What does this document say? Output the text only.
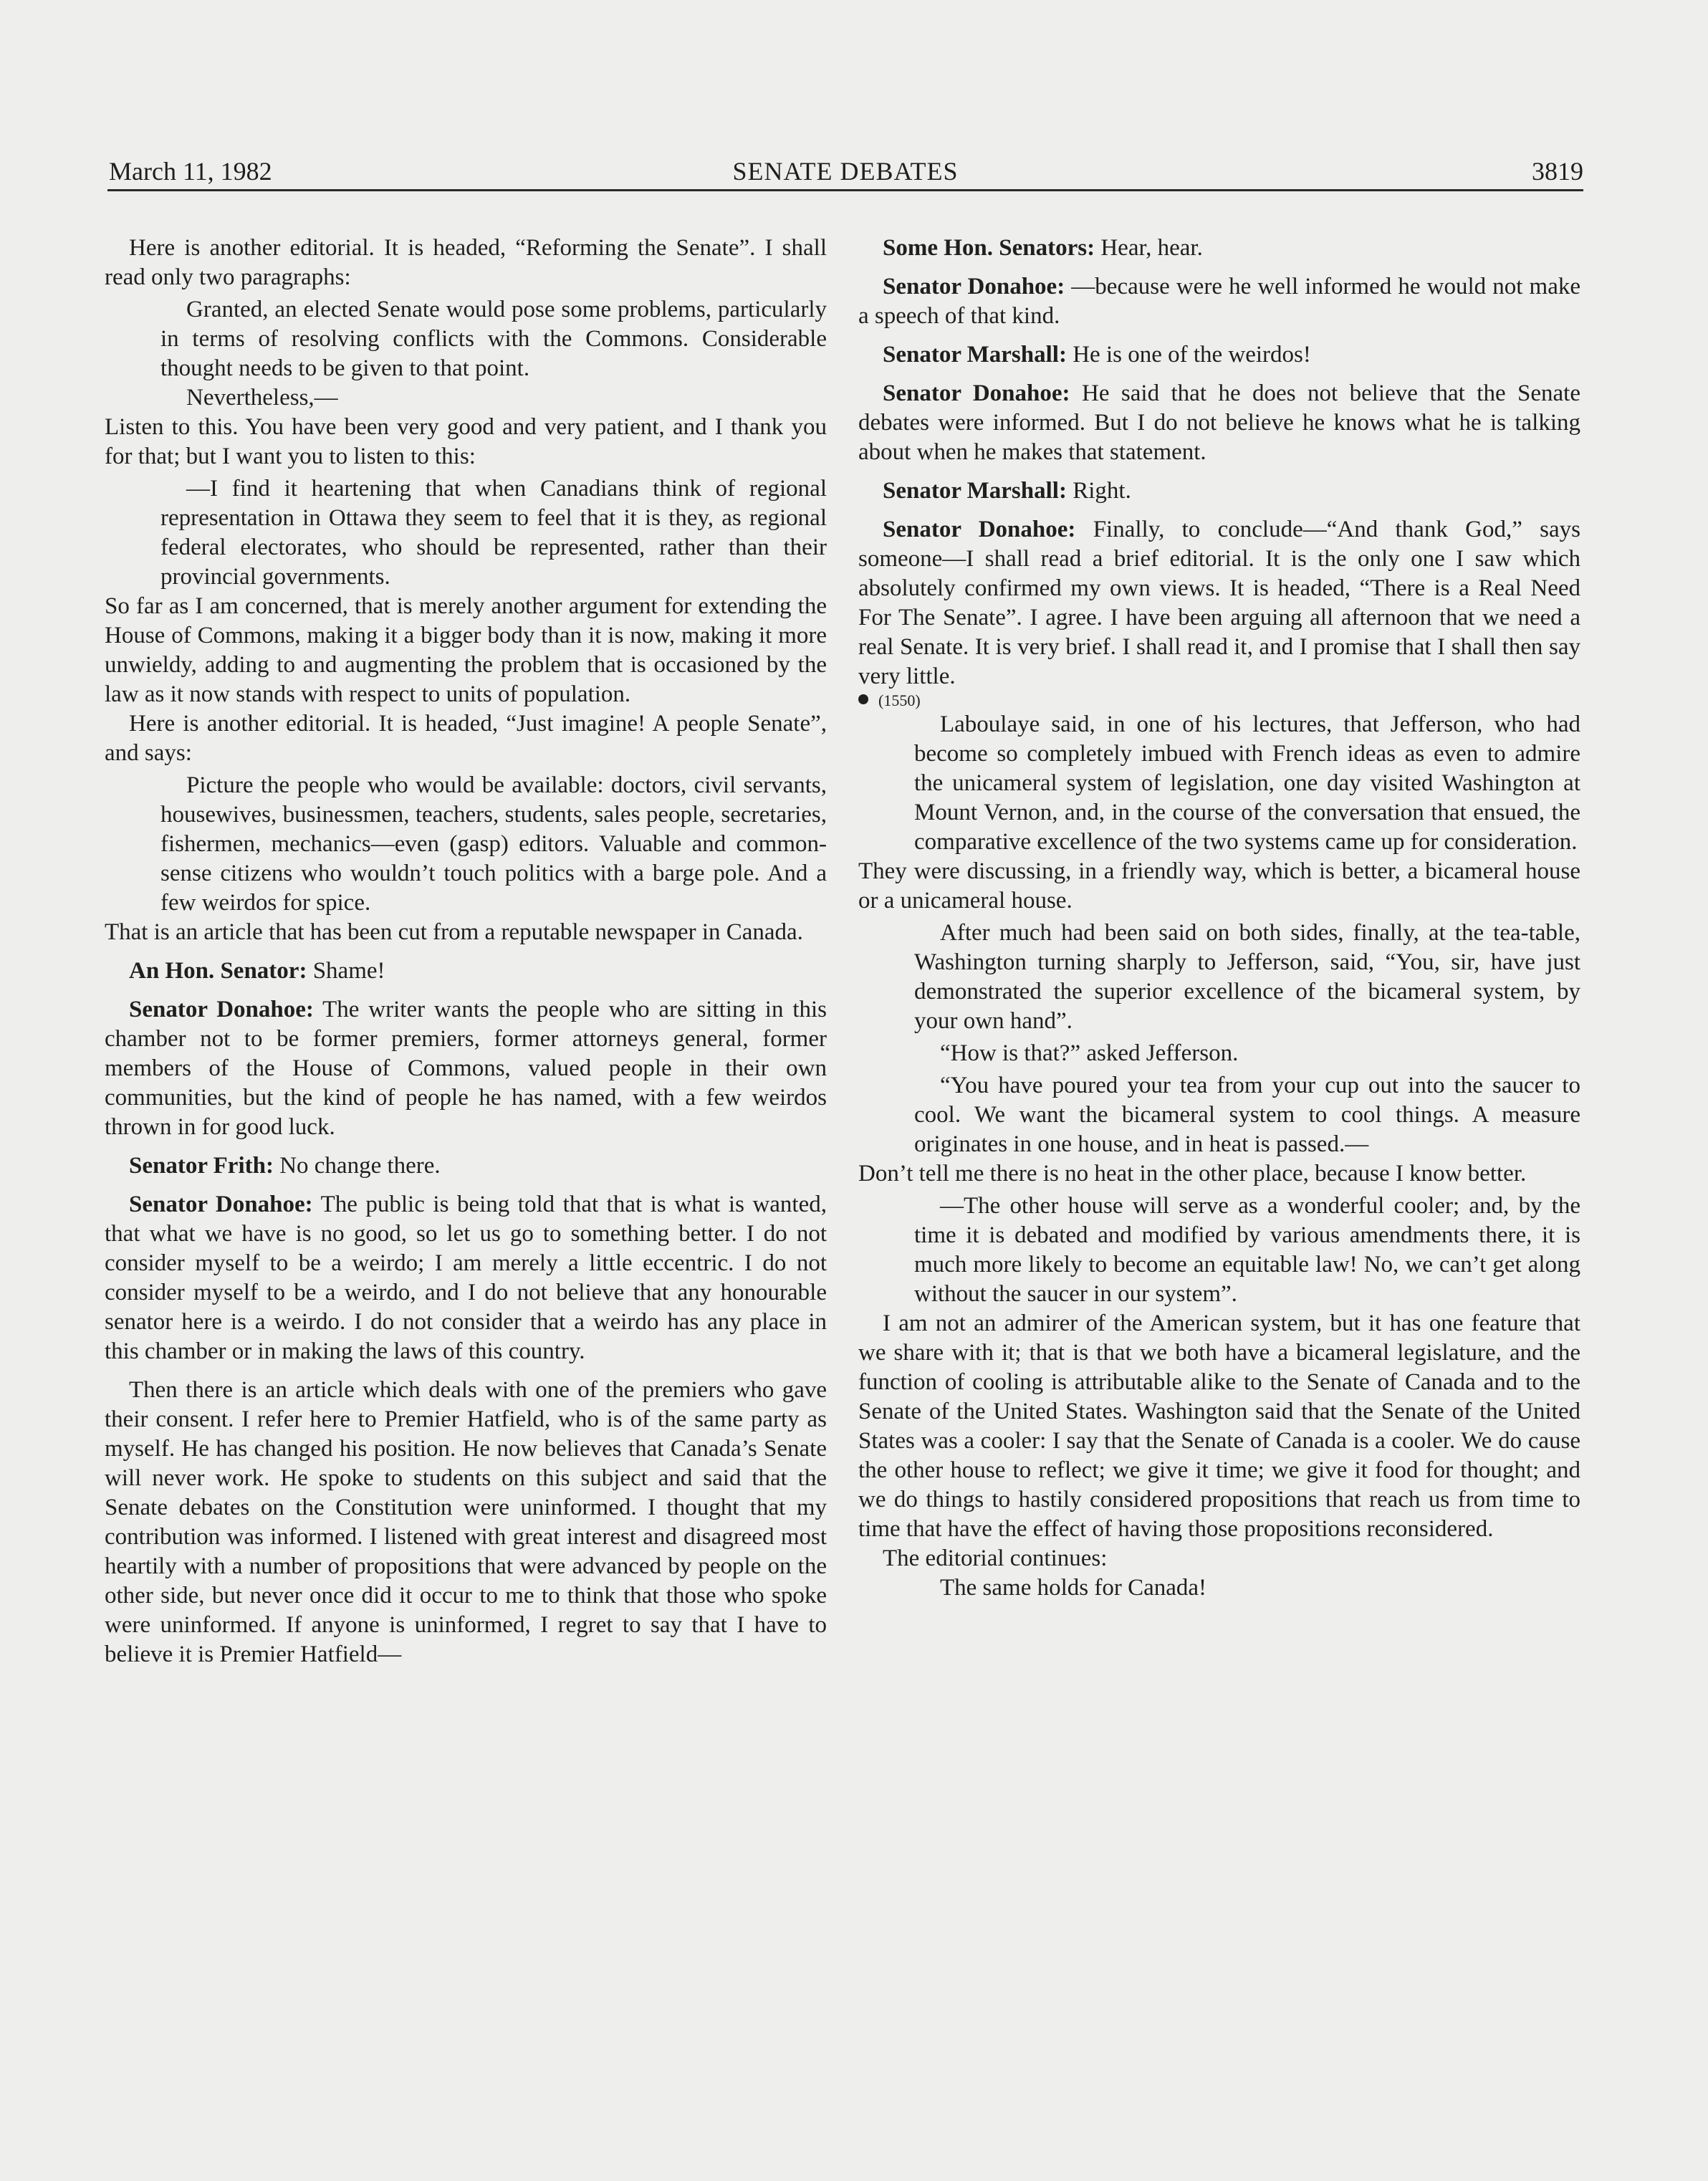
March 11, 1982	SENATE DEBATES	3819

Here is another editorial. It is headed, “Reforming the Senate”. I shall read only two paragraphs:

Granted, an elected Senate would pose some problems, particularly in terms of resolving conflicts with the Commons. Considerable thought needs to be given to that point.

Nevertheless,—

Listen to this. You have been very good and very patient, and I thank you for that; but I want you to listen to this:

—I find it heartening that when Canadians think of regional representation in Ottawa they seem to feel that it is they, as regional federal electorates, who should be represented, rather than their provincial governments.

So far as I am concerned, that is merely another argument for extending the House of Commons, making it a bigger body than it is now, making it more unwieldy, adding to and augmenting the problem that is occasioned by the law as it now stands with respect to units of population.

Here is another editorial. It is headed, “Just imagine! A people Senate”, and says:

Picture the people who would be available: doctors, civil servants, housewives, businessmen, teachers, students, sales people, secretaries, fishermen, mechanics—even (gasp) editors. Valuable and common-sense citizens who wouldn’t touch politics with a barge pole. And a few weirdos for spice.

That is an article that has been cut from a reputable newspaper in Canada.

An Hon. Senator: Shame!

Senator Donahoe: The writer wants the people who are sitting in this chamber not to be former premiers, former attorneys general, former members of the House of Commons, valued people in their own communities, but the kind of people he has named, with a few weirdos thrown in for good luck.

Senator Frith: No change there.

Senator Donahoe: The public is being told that that is what is wanted, that what we have is no good, so let us go to something better. I do not consider myself to be a weirdo; I am merely a little eccentric. I do not consider myself to be a weirdo, and I do not believe that any honourable senator here is a weirdo. I do not consider that a weirdo has any place in this chamber or in making the laws of this country.

Then there is an article which deals with one of the premiers who gave their consent. I refer here to Premier Hatfield, who is of the same party as myself. He has changed his position. He now believes that Canada’s Senate will never work. He spoke to students on this subject and said that the Senate debates on the Constitution were uninformed. I thought that my contribution was informed. I listened with great interest and disagreed most heartily with a number of propositions that were advanced by people on the other side, but never once did it occur to me to think that those who spoke were uninformed. If anyone is uninformed, I regret to say that I have to believe it is Premier Hatfield—

Some Hon. Senators: Hear, hear.

Senator Donahoe: —because were he well informed he would not make a speech of that kind.

Senator Marshall: He is one of the weirdos!

Senator Donahoe: He said that he does not believe that the Senate debates were informed. But I do not believe he knows what he is talking about when he makes that statement.

Senator Marshall: Right.

Senator Donahoe: Finally, to conclude—“And thank God,” says someone—I shall read a brief editorial. It is the only one I saw which absolutely confirmed my own views. It is headed, “There is a Real Need For The Senate”. I agree. I have been arguing all afternoon that we need a real Senate. It is very brief. I shall read it, and I promise that I shall then say very little.

(1550)

Laboulaye said, in one of his lectures, that Jefferson, who had become so completely imbued with French ideas as even to admire the unicameral system of legislation, one day visited Washington at Mount Vernon, and, in the course of the conversation that ensued, the comparative excellence of the two systems came up for consideration.

They were discussing, in a friendly way, which is better, a bicameral house or a unicameral house.

After much had been said on both sides, finally, at the tea-table, Washington turning sharply to Jefferson, said, “You, sir, have just demonstrated the superior excellence of the bicameral system, by your own hand”.

“How is that?” asked Jefferson.

“You have poured your tea from your cup out into the saucer to cool. We want the bicameral system to cool things. A measure originates in one house, and in heat is passed.—

Don’t tell me there is no heat in the other place, because I know better.

—The other house will serve as a wonderful cooler; and, by the time it is debated and modified by various amendments there, it is much more likely to become an equitable law! No, we can’t get along without the saucer in our system”.

I am not an admirer of the American system, but it has one feature that we share with it; that is that we both have a bicameral legislature, and the function of cooling is attributable alike to the Senate of Canada and to the Senate of the United States. Washington said that the Senate of the United States was a cooler: I say that the Senate of Canada is a cooler. We do cause the other house to reflect; we give it time; we give it food for thought; and we do things to hastily considered propositions that reach us from time to time that have the effect of having those propositions reconsidered.

The editorial continues:

The same holds for Canada!
